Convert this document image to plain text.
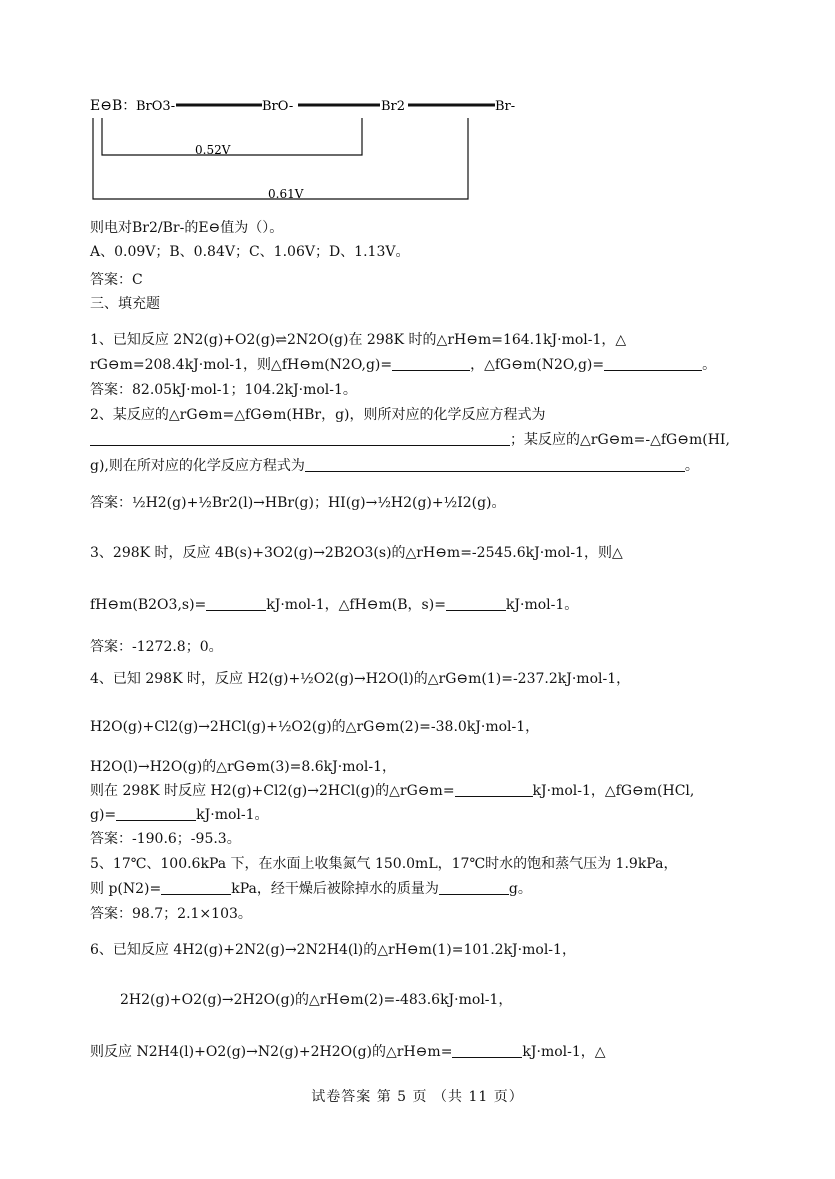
E⊖B： BrO3-	BrO-	Br2	Br-
0.52V
0.61V
则电对Br2/Br-的E⊖值为（）。
A、0.09V；B、0.84V；C、1.06V；D、1.13V。
答案：C
三、填充题
1、已知反应 2N2(g)+O2(g)⇌2N2O(g)在 298K 时的△rH⊖m=164.1kJ·mol-1，△
rG⊖m=208.4kJ·mol-1，则△fH⊖m(N2O,g)=	，△fG⊖m(N2O,g)=	。
答案：82.05kJ·mol-1；104.2kJ·mol-1。
2、某反应的△rG⊖m=△fG⊖m(HBr，g)，则所对应的化学反应方程式为
；某反应的△rG⊖m=-△fG⊖m(HI,
g),则在所对应的化学反应方程式为	。
答案：½H2(g)+½Br2(l)→HBr(g)；HI(g)→½H2(g)+½I2(g)。
3、298K 时，反应 4B(s)+3O2(g)→2B2O3(s)的△rH⊖m=-2545.6kJ·mol-1，则△
fH⊖m(B2O3,s)=	kJ·mol-1，△fH⊖m(B，s)=	kJ·mol-1。
答案：-1272.8；0。
4、已知 298K 时，反应 H2(g)+½O2(g)→H2O(l)的△rG⊖m(1)=-237.2kJ·mol-1，
H2O(g)+Cl2(g)→2HCl(g)+½O2(g)的△rG⊖m(2)=-38.0kJ·mol-1，
H2O(l)→H2O(g)的△rG⊖m(3)=8.6kJ·mol-1，
则在 298K 时反应 H2(g)+Cl2(g)→2HCl(g)的△rG⊖m=	kJ·mol-1，△fG⊖m(HCl,
g)=	kJ·mol-1。
答案：-190.6；-95.3。
5、17℃、100.6kPa 下，在水面上收集氮气 150.0mL，17℃时水的饱和蒸气压为 1.9kPa，
则 p(N2)=	kPa，经干燥后被除掉水的质量为	g。
答案：98.7；2.1×103。
6、已知反应 4H2(g)+2N2(g)→2N2H4(l)的△rH⊖m(1)=101.2kJ·mol-1，
2H2(g)+O2(g)→2H2O(g)的△rH⊖m(2)=-483.6kJ·mol-1，
则反应 N2H4(l)+O2(g)→N2(g)+2H2O(g)的△rH⊖m=	kJ·mol-1，△
试卷答案 第 5 页 （共 11 页）
